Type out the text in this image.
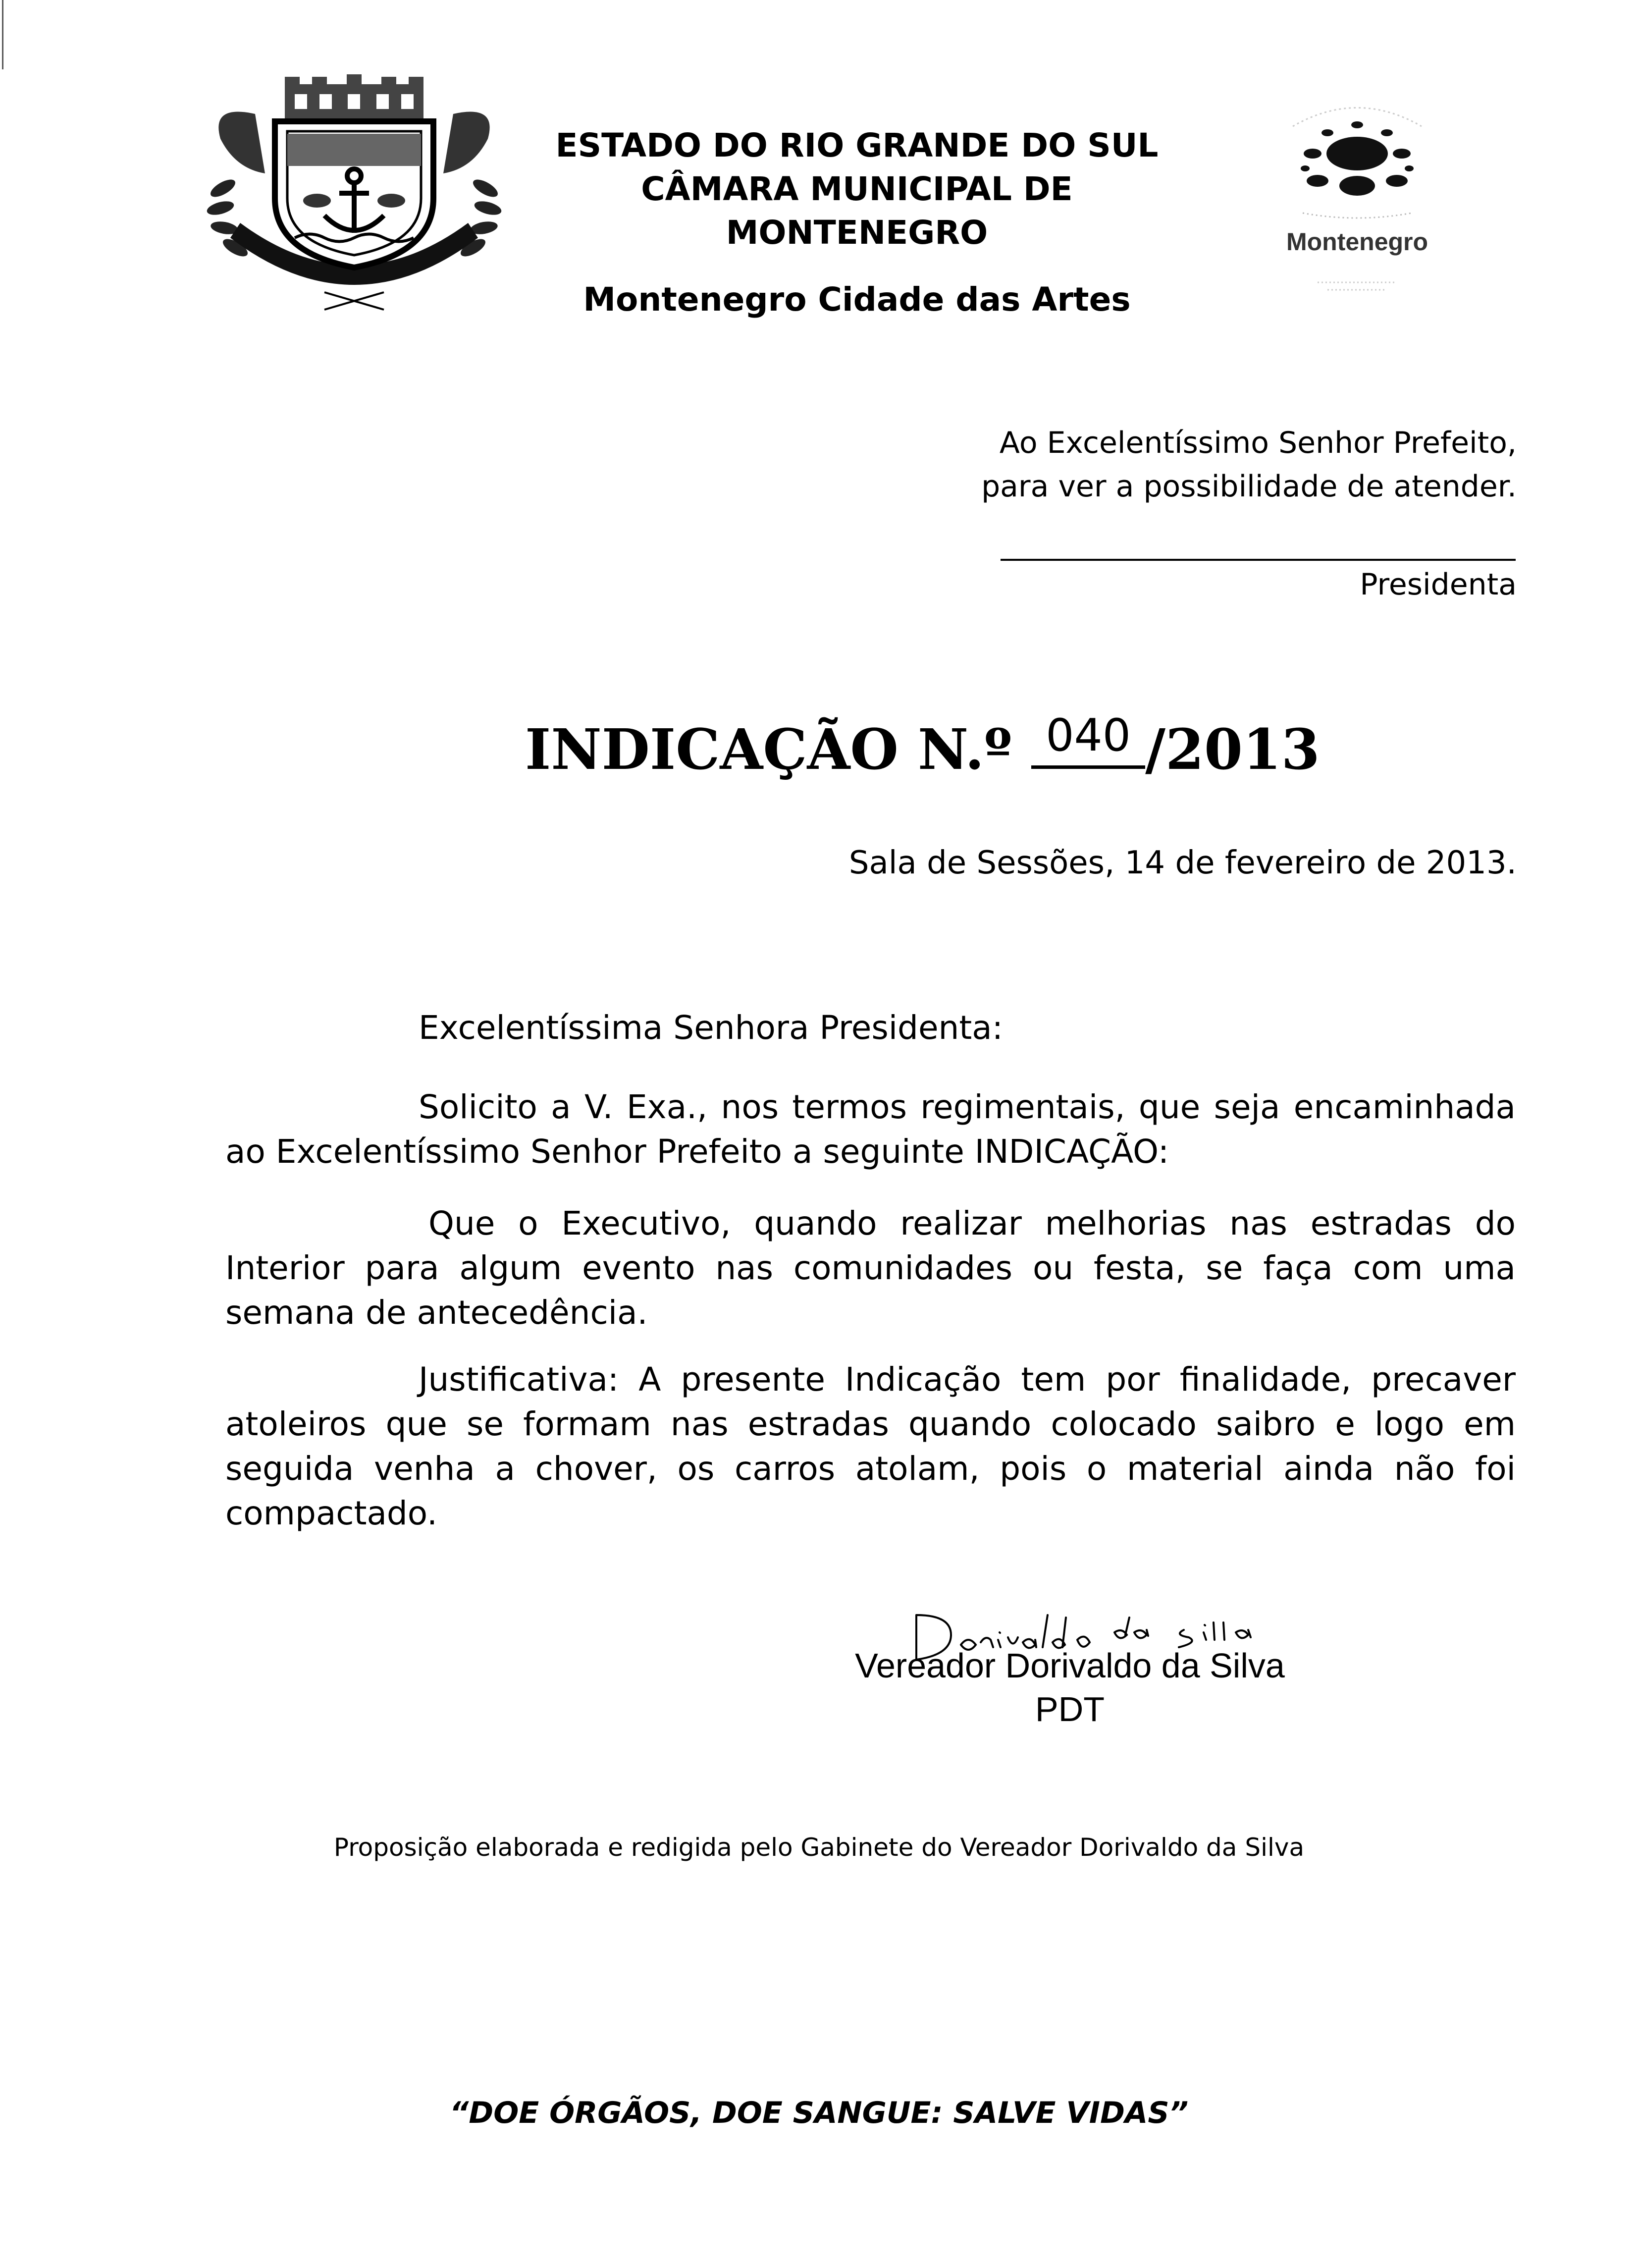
ESTADO DO RIO GRANDE DO SUL
CÂMARA MUNICIPAL DE MONTENEGRO
Montenegro Cidade das Artes
Montenegro
Ao Excelentíssimo Senhor Prefeito,
para ver a possibilidade de atender.
Presidenta
INDICAÇÃO N.º 040 /2013
Sala de Sessões, 14 de fevereiro de 2013.
Excelentíssima Senhora Presidenta:
Solicito a V. Exa., nos termos regimentais, que seja encaminhada ao Excelentíssimo Senhor Prefeito a seguinte INDICAÇÃO:
Que o Executivo, quando realizar melhorias nas estradas do Interior para algum evento nas comunidades ou festa, se faça com uma semana de antecedência.
Justificativa: A presente Indicação tem por finalidade, precaver atoleiros que se formam nas estradas quando colocado saibro e logo em seguida venha a chover, os carros atolam, pois o material ainda não foi compactado.
Vereador Dorivaldo da Silva
PDT
Proposição elaborada e redigida pelo Gabinete do Vereador Dorivaldo da Silva
“DOE ÓRGÃOS, DOE SANGUE: SALVE VIDAS”
